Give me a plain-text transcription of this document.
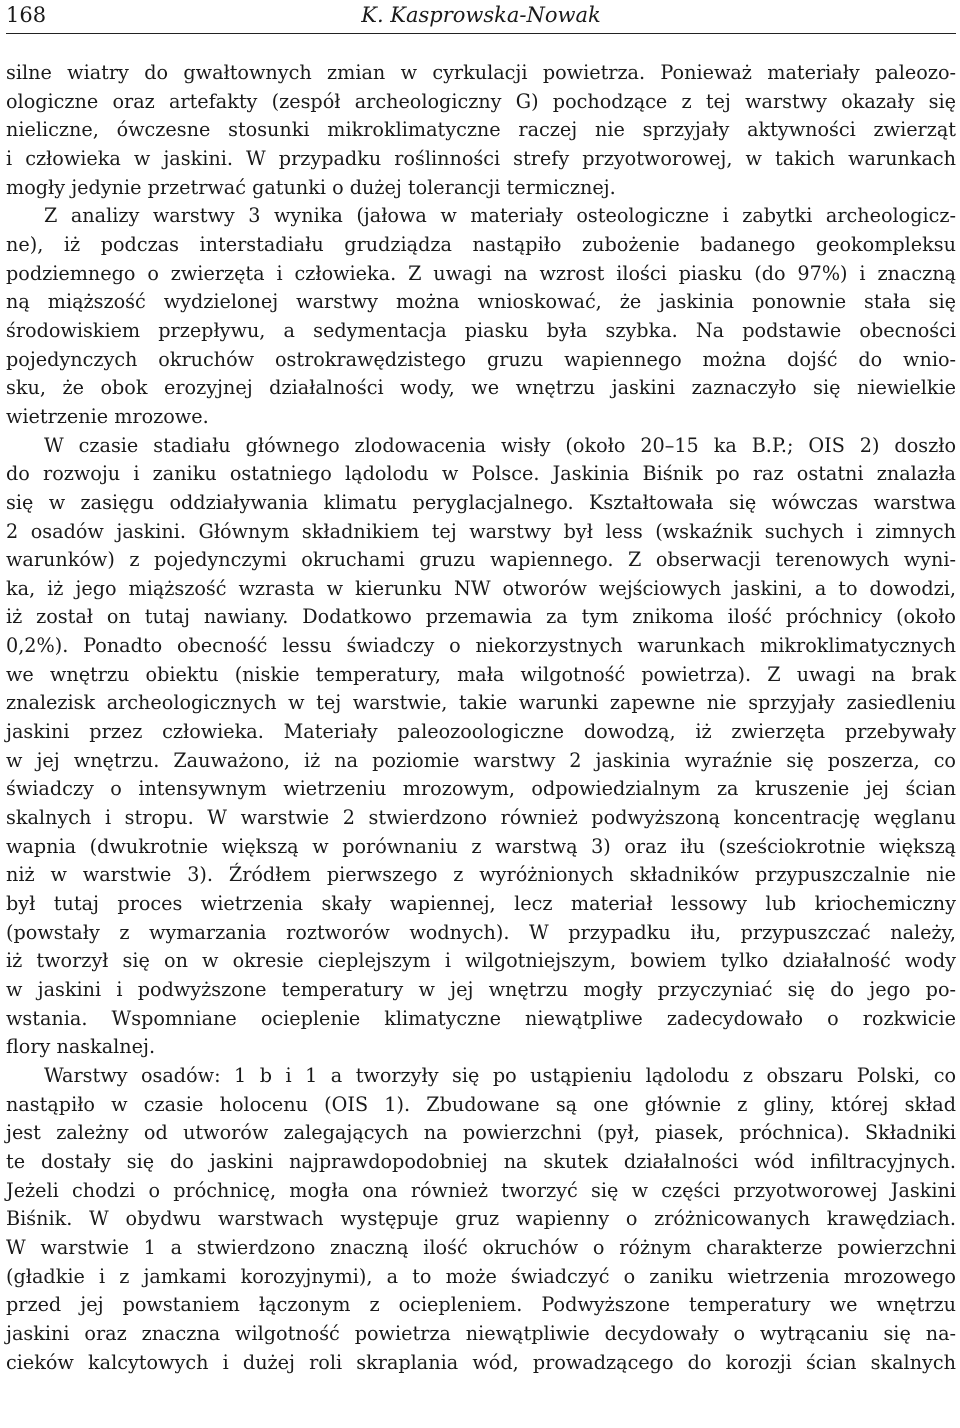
168	K. Kasprowska-Nowak
silne wiatry do gwałtownych zmian w cyrkulacji powietrza. Ponieważ materiały paleozo-
ologiczne oraz artefakty (zespół archeologiczny G) pochodzące z tej warstwy okazały się
nieliczne, ówczesne stosunki mikroklimatyczne raczej nie sprzyjały aktywności zwierząt
i człowieka w jaskini. W przypadku roślinności strefy przyotworowej, w takich warunkach
mogły jedynie przetrwać gatunki o dużej tolerancji termicznej.
Z analizy warstwy 3 wynika (jałowa w materiały osteologiczne i zabytki archeologicz-
ne), iż podczas interstadiału grudziądza nastąpiło zubożenie badanego geokompleksu
podziemnego o zwierzęta i człowieka. Z uwagi na wzrost ilości piasku (do 97%) i znaczną
ną miąższość wydzielonej warstwy można wnioskować, że jaskinia ponownie stała się
środowiskiem przepływu, a sedymentacja piasku była szybka. Na podstawie obecności
pojedynczych okruchów ostrokrawędzistego gruzu wapiennego można dojść do wnio-
sku, że obok erozyjnej działalności wody, we wnętrzu jaskini zaznaczyło się niewielkie
wietrzenie mrozowe.
W czasie stadiału głównego zlodowacenia wisły (około 20–15 ka B.P.; OIS 2) doszło
do rozwoju i zaniku ostatniego lądolodu w Polsce. Jaskinia Biśnik po raz ostatni znalazła
się w zasięgu oddziaływania klimatu peryglacjalnego. Kształtowała się wówczas warstwa
2 osadów jaskini. Głównym składnikiem tej warstwy był less (wskaźnik suchych i zimnych
warunków) z pojedynczymi okruchami gruzu wapiennego. Z obserwacji terenowych wyni-
ka, iż jego miąższość wzrasta w kierunku NW otworów wejściowych jaskini, a to dowodzi,
iż został on tutaj nawiany. Dodatkowo przemawia za tym znikoma ilość próchnicy (około
0,2%). Ponadto obecność lessu świadczy o niekorzystnych warunkach mikroklimatycznych
we wnętrzu obiektu (niskie temperatury, mała wilgotność powietrza). Z uwagi na brak
znalezisk archeologicznych w tej warstwie, takie warunki zapewne nie sprzyjały zasiedleniu
jaskini przez człowieka. Materiały paleozoologiczne dowodzą, iż zwierzęta przebywały
w jej wnętrzu. Zauważono, iż na poziomie warstwy 2 jaskinia wyraźnie się poszerza, co
świadczy o intensywnym wietrzeniu mrozowym, odpowiedzialnym za kruszenie jej ścian
skalnych i stropu. W warstwie 2 stwierdzono również podwyższoną koncentrację węglanu
wapnia (dwukrotnie większą w porównaniu z warstwą 3) oraz iłu (sześciokrotnie większą
niż w warstwie 3). Źródłem pierwszego z wyróżnionych składników przypuszczalnie nie
był tutaj proces wietrzenia skały wapiennej, lecz materiał lessowy lub kriochemiczny
(powstały z wymarzania roztworów wodnych). W przypadku iłu, przypuszczać należy,
iż tworzył się on w okresie cieplejszym i wilgotniejszym, bowiem tylko działalność wody
w jaskini i podwyższone temperatury w jej wnętrzu mogły przyczyniać się do jego po-
wstania. Wspomniane ocieplenie klimatyczne niewątpliwe zadecydowało o rozkwicie
flory naskalnej.
Warstwy osadów: 1 b i 1 a tworzyły się po ustąpieniu lądolodu z obszaru Polski, co
nastąpiło w czasie holocenu (OIS 1). Zbudowane są one głównie z gliny, której skład
jest zależny od utworów zalegających na powierzchni (pył, piasek, próchnica). Składniki
te dostały się do jaskini najprawdopodobniej na skutek działalności wód infiltracyjnych.
Jeżeli chodzi o próchnicę, mogła ona również tworzyć się w części przyotworowej Jaskini
Biśnik. W obydwu warstwach występuje gruz wapienny o zróżnicowanych krawędziach.
W warstwie 1 a stwierdzono znaczną ilość okruchów o różnym charakterze powierzchni
(gładkie i z jamkami korozyjnymi), a to może świadczyć o zaniku wietrzenia mrozowego
przed jej powstaniem łączonym z ociepleniem. Podwyższone temperatury we wnętrzu
jaskini oraz znaczna wilgotność powietrza niewątpliwie decydowały o wytrącaniu się na-
cieków kalcytowych i dużej roli skraplania wód, prowadzącego do korozji ścian skalnych
